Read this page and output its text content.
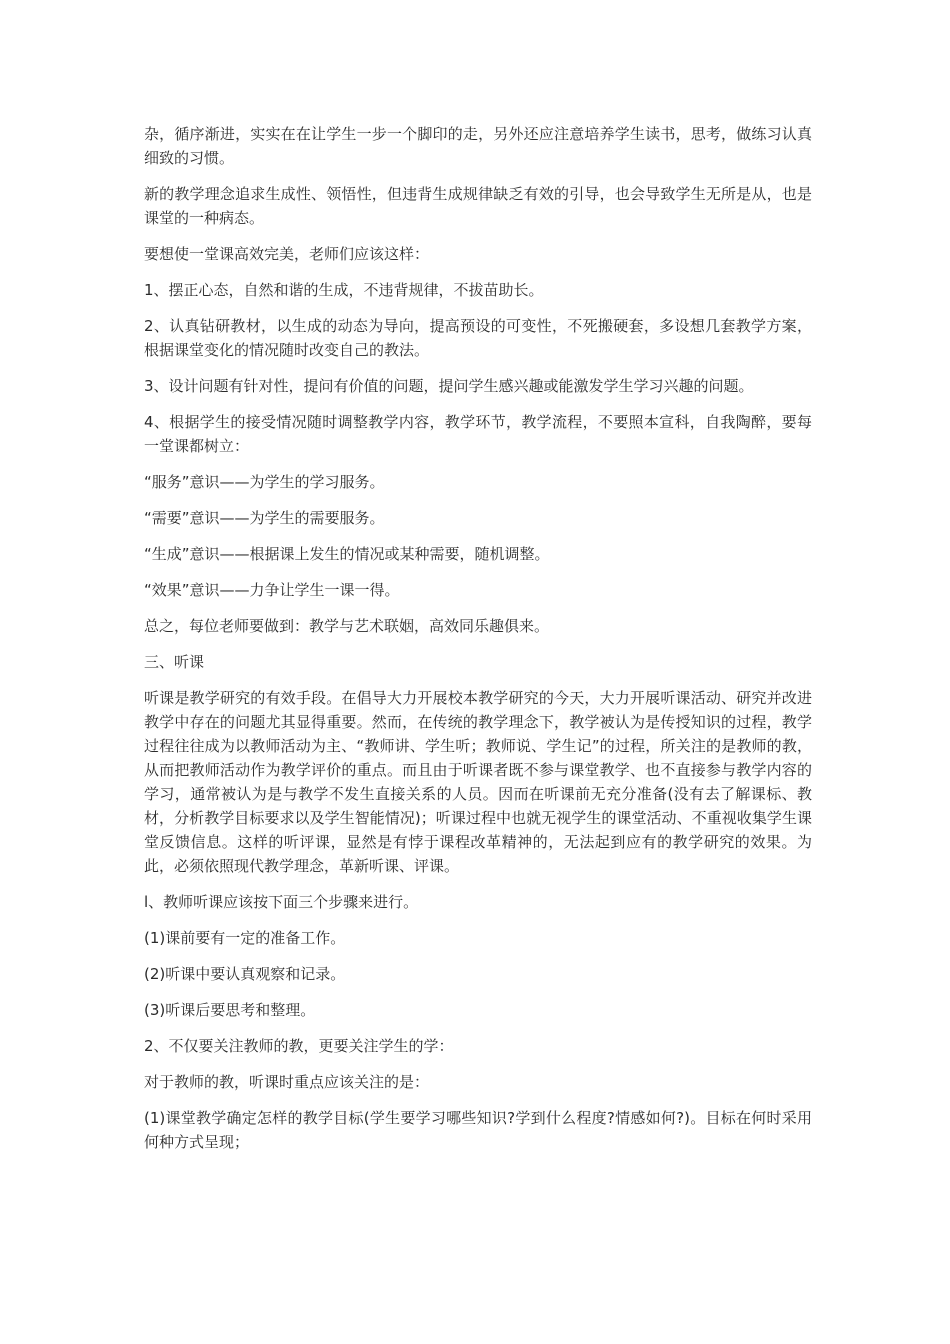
杂，循序渐进，实实在在让学生一步一个脚印的走，另外还应注意培养学生读书，思考，做练习认真细致的习惯。

新的教学理念追求生成性、领悟性，但违背生成规律缺乏有效的引导，也会导致学生无所是从，也是课堂的一种病态。

要想使一堂课高效完美，老师们应该这样：

1、摆正心态，自然和谐的生成，不违背规律，不拔苗助长。

2、认真钻研教材，以生成的动态为导向，提高预设的可变性，不死搬硬套，多设想几套教学方案，根据课堂变化的情况随时改变自己的教法。

3、设计问题有针对性，提问有价值的问题，提问学生感兴趣或能激发学生学习兴趣的问题。

4、根据学生的接受情况随时调整教学内容，教学环节，教学流程，不要照本宣科，自我陶醉，要每一堂课都树立：

“服务”意识——为学生的学习服务。

“需要”意识——为学生的需要服务。

“生成”意识——根据课上发生的情况或某种需要，随机调整。

“效果”意识——力争让学生一课一得。

总之，每位老师要做到：教学与艺术联姻，高效同乐趣俱来。

三、听课

听课是教学研究的有效手段。在倡导大力开展校本教学研究的今天，大力开展听课活动、研究并改进教学中存在的问题尤其显得重要。然而，在传统的教学理念下，教学被认为是传授知识的过程，教学过程往往成为以教师活动为主、“教师讲、学生听；教师说、学生记”的过程，所关注的是教师的教，从而把教师活动作为教学评价的重点。而且由于听课者既不参与课堂教学、也不直接参与教学内容的学习，通常被认为是与教学不发生直接关系的人员。因而在听课前无充分准备(没有去了解课标、教材，分析教学目标要求以及学生智能情况)；听课过程中也就无视学生的课堂活动、不重视收集学生课堂反馈信息。这样的听评课，显然是有悖于课程改革精神的，无法起到应有的教学研究的效果。为此，必须依照现代教学理念，革新听课、评课。

l、教师听课应该按下面三个步骤来进行。

(1)课前要有一定的准备工作。

(2)听课中要认真观察和记录。

(3)听课后要思考和整理。

2、不仅要关注教师的教，更要关注学生的学：

对于教师的教，听课时重点应该关注的是：

(1)课堂教学确定怎样的教学目标(学生要学习哪些知识?学到什么程度?情感如何?)。目标在何时采用何种方式呈现；
